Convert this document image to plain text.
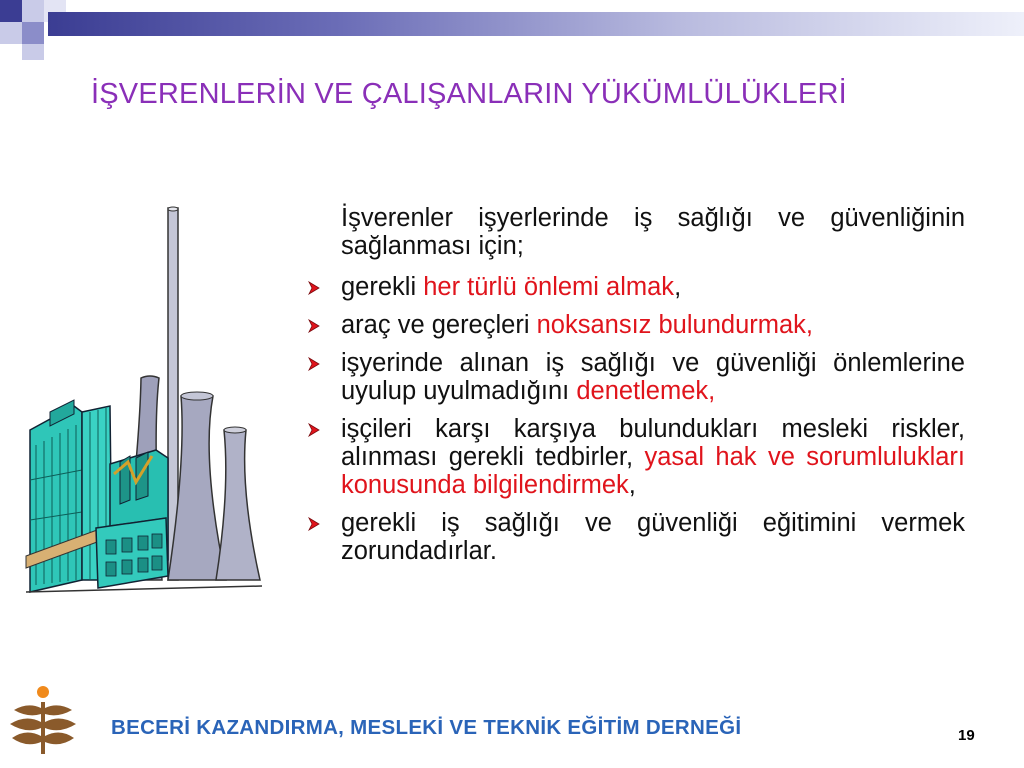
İŞVERENLERİN VE ÇALIŞANLARIN YÜKÜMLÜLÜKLERİ

İşverenler işyerlerinde iş sağlığı ve güvenliğinin sağlanması için;

gerekli her türlü önlemi almak,
araç ve gereçleri noksansız bulundurmak,
işyerinde alınan iş sağlığı ve güvenliği önlemlerine uyulup uyulmadığını denetlemek,
işçileri karşı karşıya bulundukları mesleki riskler, alınması gerekli tedbirler, yasal hak ve sorumlulukları konusunda bilgilendirmek,
gerekli iş sağlığı ve güvenliği eğitimini vermek zorundadırlar.

BECERİ KAZANDIRMA, MESLEKİ VE TEKNİK EĞİTİM DERNEĞİ	19
